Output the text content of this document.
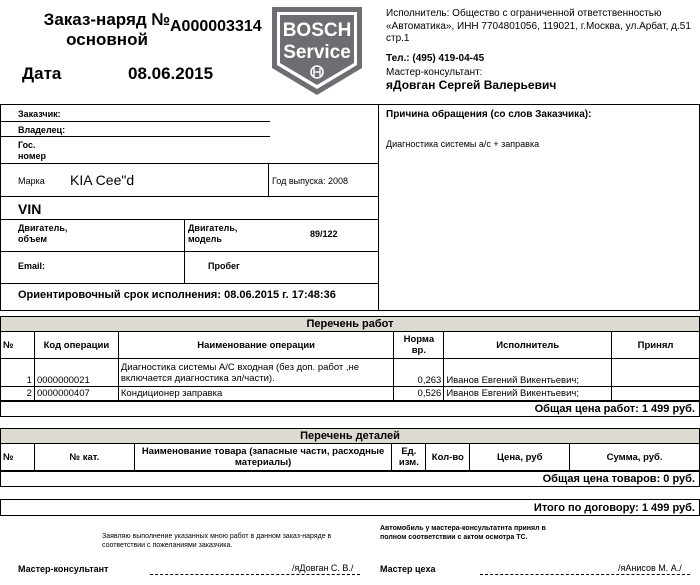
Заказ-наряд №
основной
A000003314
Дата	08.06.2015
BOSCH
Service
Исполнитель: Общество с ограниченной ответственностью «Автоматика», ИНН 7704801056, 119021, г.Москва, ул.Арбат, д.51 стр.1
Тел.: (495) 419-04-45
Мастер-консультант:
яДовган Сергей Валерьевич
Заказчик:
Владелец:
Гос.
номер
Марка KIA Cee"d	Год выпуска: 2008
VIN
Двигатель,
объем
Двигатель,
модель	89/122
Email:	Пробег
Ориентировочный срок исполнения: 08.06.2015 г. 17:48:36
Причина обращения (со слов Заказчика):
Диагностика системы а/с + заправка
Перечень работ
№	Код операции	Наименование операции	Норма вр.	Исполнитель	Принял
1	0000000021	Диагностика системы А/С входная (без доп. работ ,не включается диагностика эл/части).	0,263	Иванов Евгений Викентьевич;	
2	0000000407	Кондиционер заправка	0,526	Иванов Евгений Викентьевич;	
Общая цена работ: 1 499 руб.
Перечень деталей
№	№ кат.	Наименование товара (запасные части, расходные материалы)	Ед. изм.	Кол-во	Цена, руб	Сумма, руб.
Общая цена товаров: 0 руб.
Итого по договору: 1 499 руб.
Заявляю выполнение указанных мною работ в данном заказ-наряде в соответствии с пожеланиями заказчика.
Автомобиль у мастера-консультатнта принял в полном соответствии с актом осмотра ТС.
Мастер-консультант	/яДовган С. В./	Мастер цеха	/яАнисов М. А./
